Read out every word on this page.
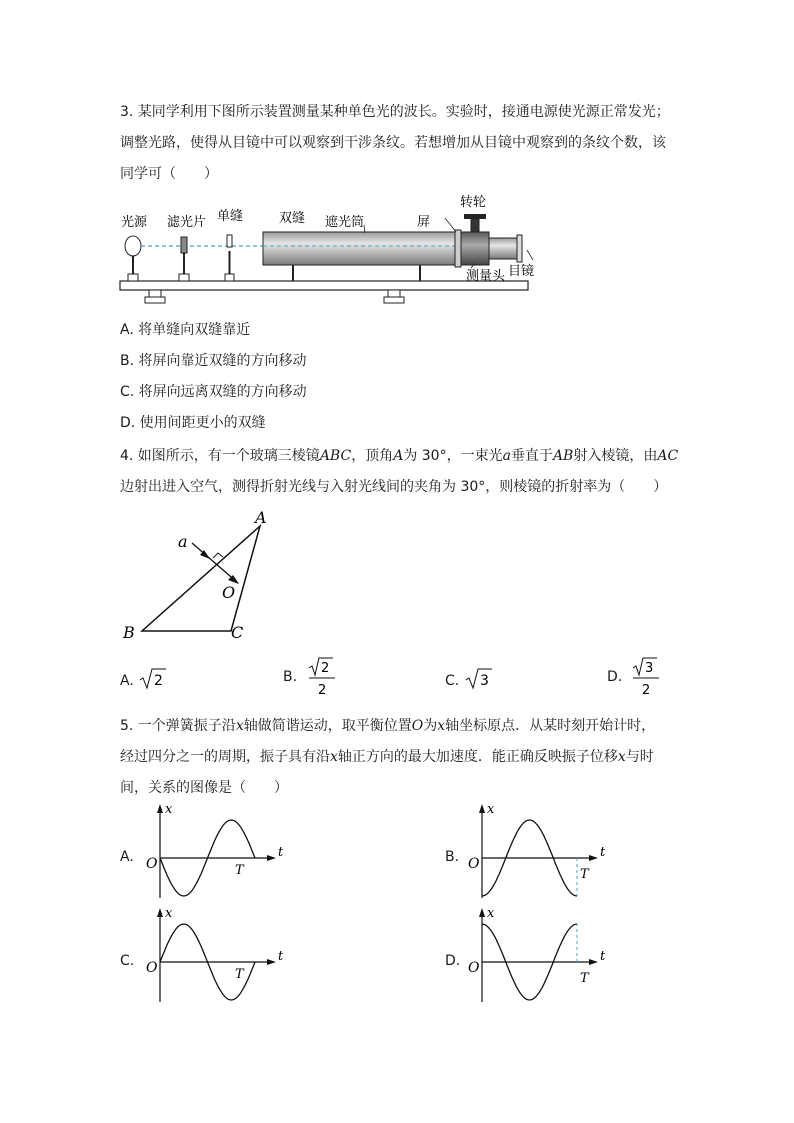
3. 某同学利用下图所示装置测量某种单色光的波长。实验时，接通电源使光源正常发光；
调整光路，使得从目镜中可以观察到干涉条纹。若想增加从目镜中观察到的条纹个数，该
同学可（　　）
光源 滤光片 单缝	双缝 遮光筒	屏
转轮
测量头 目镜
A. 将单缝向双缝靠近
B. 将屏向靠近双缝的方向移动
C. 将屏向远离双缝的方向移动
D. 使用间距更小的双缝
4. 如图所示，有一个玻璃三棱镜ABC，顶角A为 30°，一束光a垂直于AB射入棱镜，由AC
边射出进入空气，测得折射光线与入射光线间的夹角为 30°，则棱镜的折射率为（　　）
A
B	C
O
a
A. 2	B.
2
2
C. 3	D.
3
2
5. 一个弹簧振子沿x轴做简谐运动，取平衡位置O为x轴坐标原点．从某时刻开始计时，
经过四分之一的周期，振子具有沿x轴正方向的最大加速度．能正确反映振子位移x与时
间，关系的图像是（　　）
A.	B.
C.	D.
x
t
O	T
x
t
O
T
x
t
O	T
x
t
O
T
